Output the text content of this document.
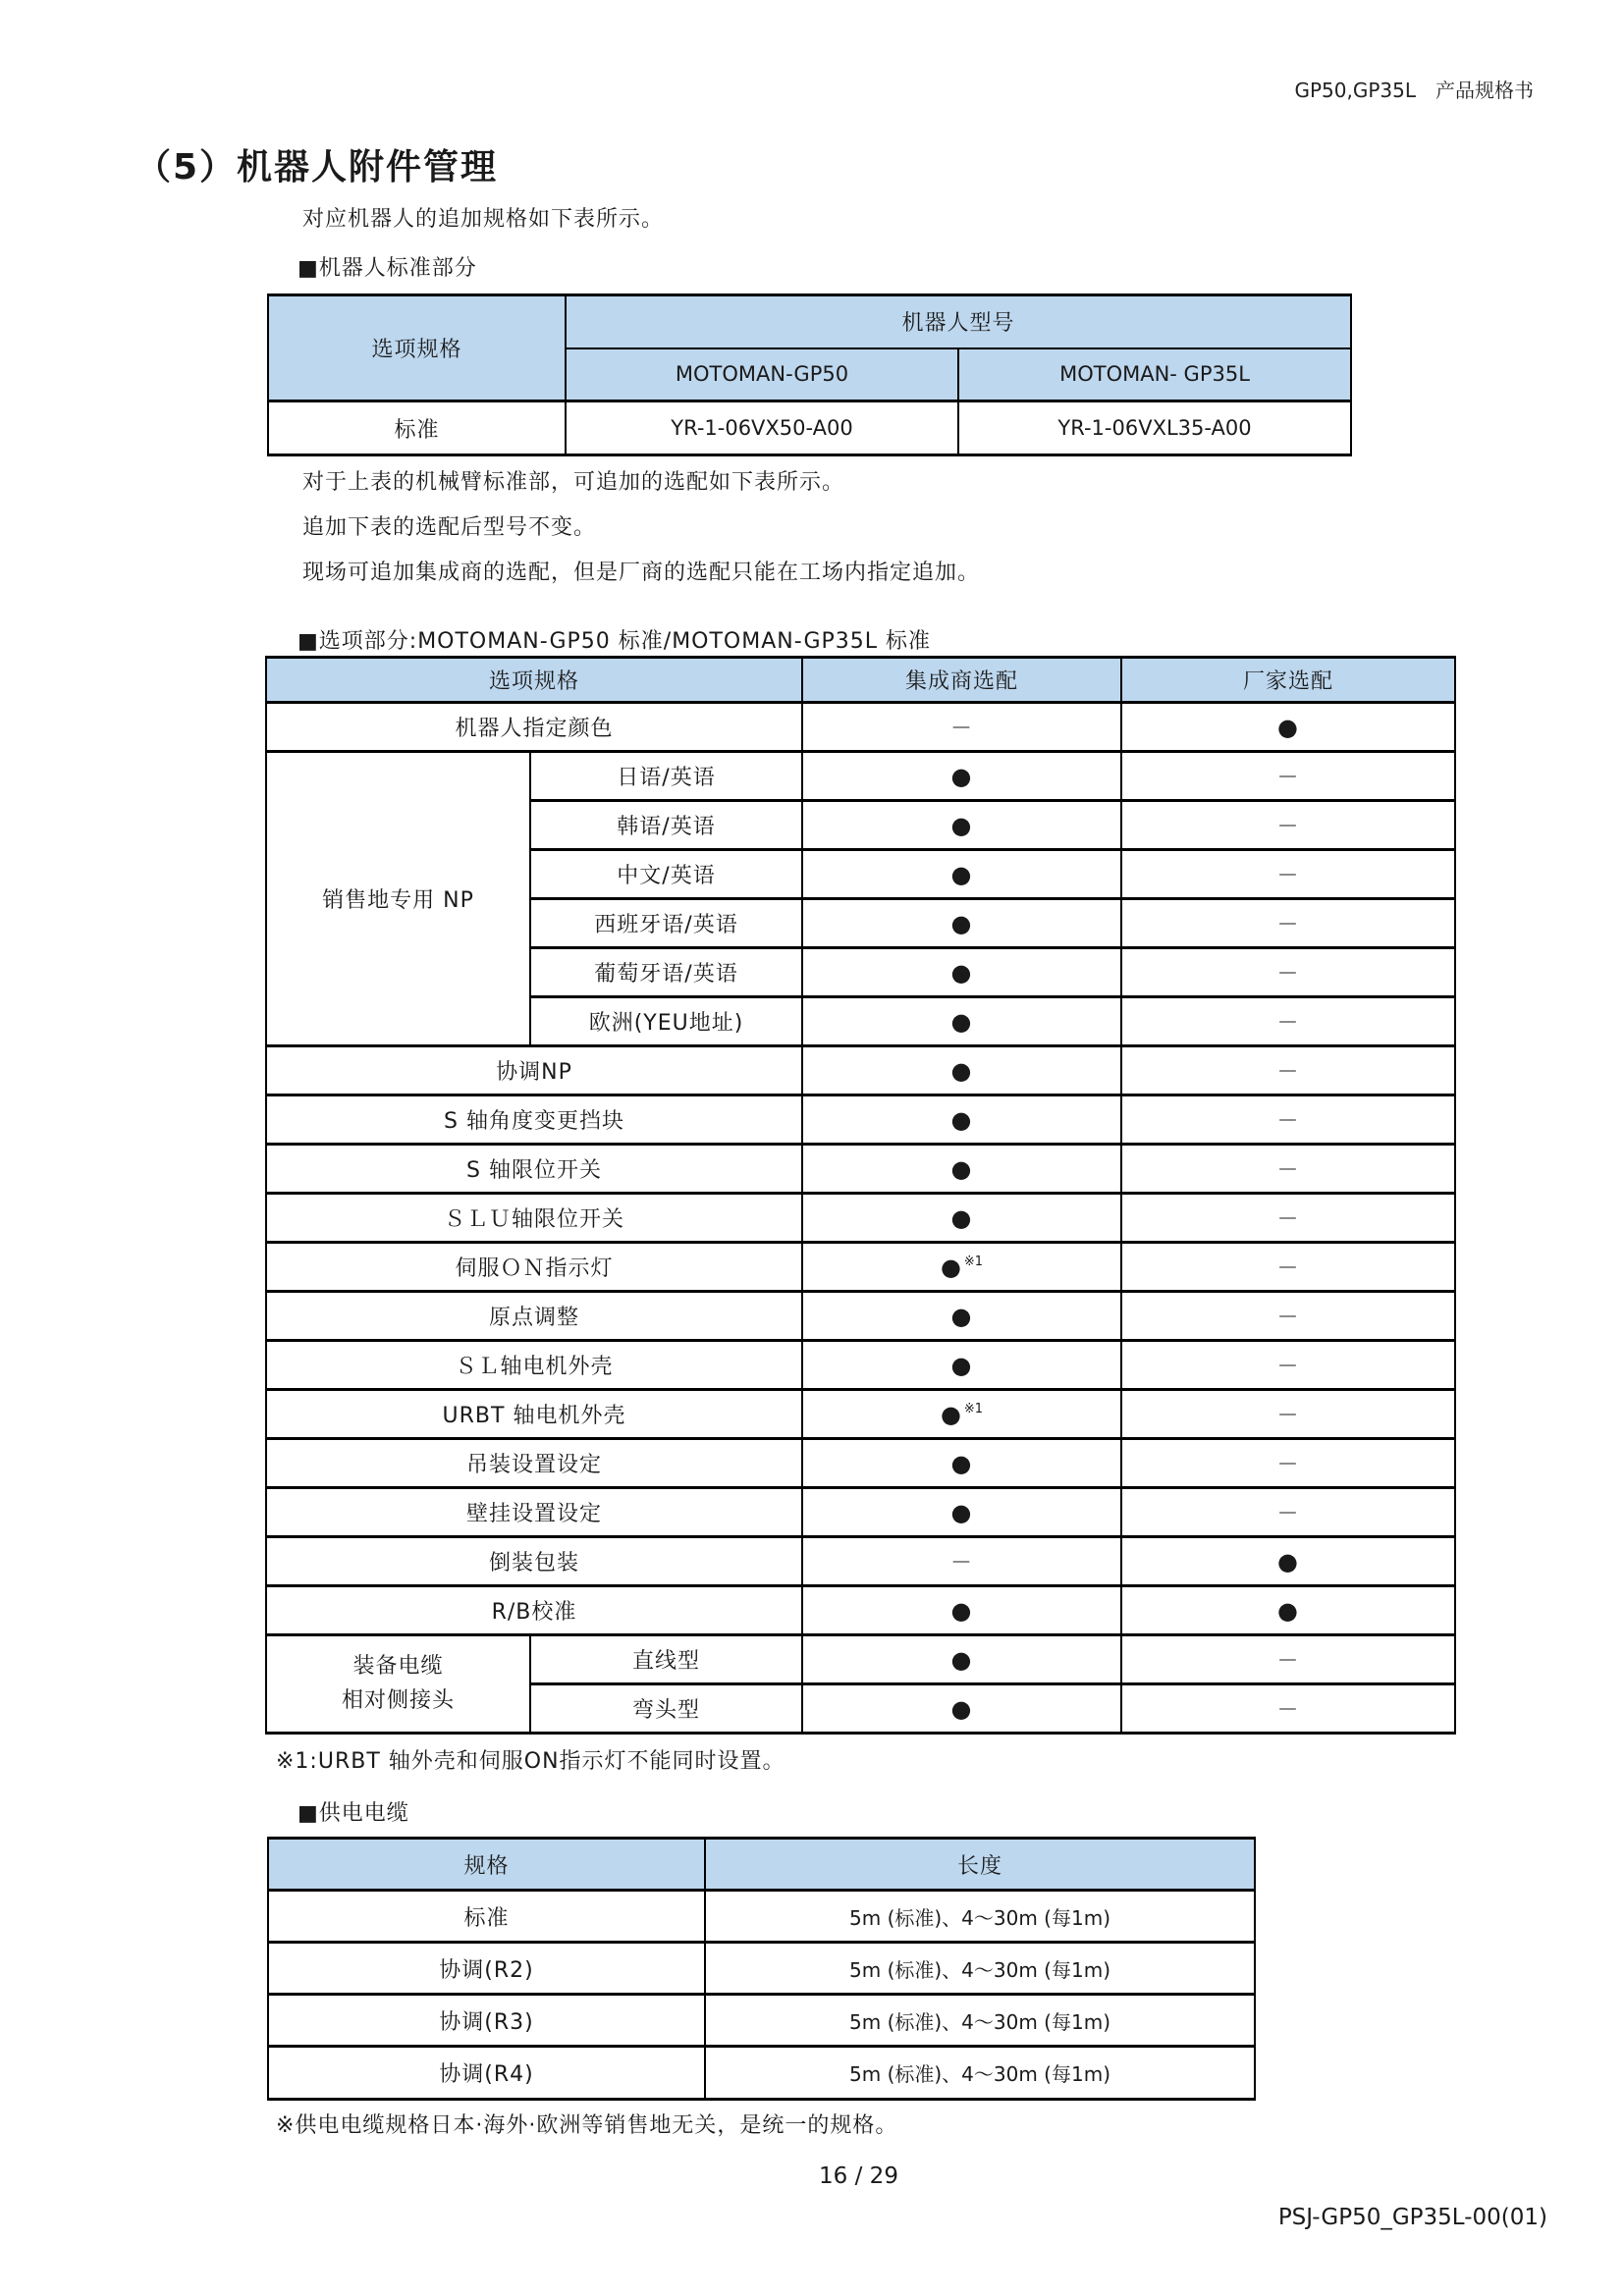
GP50,GP35L　产品规格书
（5）机器人附件管理
对应机器人的追加规格如下表所示。
■机器人标准部分
选项规格	机器人型号	
	MOTOMAN-GP50	MOTOMAN- GP35L
标准	YR-1-06VX50-A00	YR-1-06VXL35-A00
对于上表的机械臂标准部，可追加的选配如下表所示。
追加下表的选配后型号不变。
现场可追加集成商的选配，但是厂商的选配只能在工场内指定追加。
■选项部分:MOTOMAN-GP50 标准/MOTOMAN-GP35L 标准
选项规格		集成商选配	厂家选配
机器人指定颜色		－	●
销售地专用 NP	日语/英语	●	－
	韩语/英语	●	－
	中文/英语	●	－
	西班牙语/英语	●	－
	葡萄牙语/英语	●	－
	欧洲(YEU地址)	●	－
协调NP		●	－
S 轴角度变更挡块		●	－
S 轴限位开关		●	－
ＳＬＵ轴限位开关		●	－
伺服ＯＮ指示灯		● $^{※1}$	－
原点调整		●	－
ＳＬ轴电机外壳		●	－
URBT 轴电机外壳		● $^{※1}$	－
吊装设置设定		●	－
壁挂设置设定		●	－
倒装包装		－	●
R/B校准		●	●
装备电缆
相对侧接头	直线型	●	－
	弯头型	●	－
※1:URBT 轴外壳和伺服ON指示灯不能同时设置。
■供电电缆
规格	长度
标准	5m (标准)、4～30m (每1m)
协调(R2)	5m (标准)、4～30m (每1m)
协调(R3)	5m (标准)、4～30m (每1m)
协调(R4)	5m (标准)、4～30m (每1m)
※供电电缆规格日本·海外·欧洲等销售地无关，是统一的规格。
16 / 29
PSJ-GP50_GP35L-00(01)
